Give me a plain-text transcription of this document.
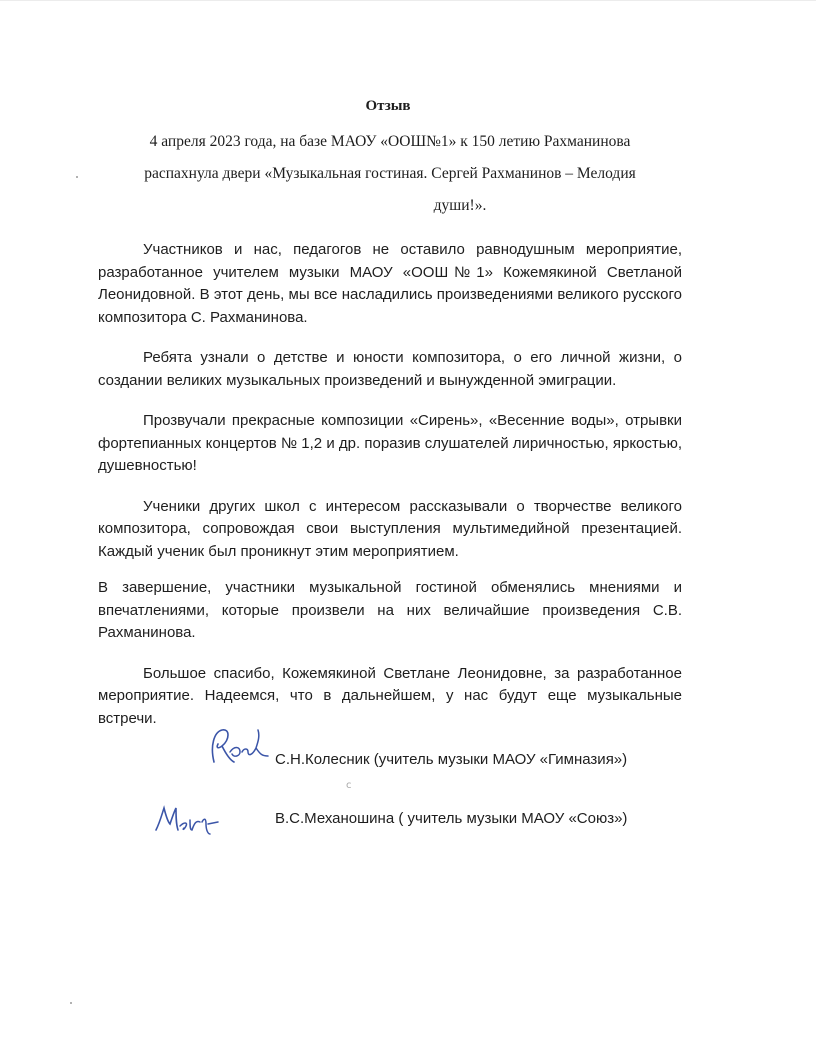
Отзыв
4 апреля 2023 года, на базе МАОУ «ООШ№1» к 150 летию Рахманинова
распахнула двери «Музыкальная гостиная. Сергей Рахманинов – Мелодия
души!».

Участников и нас, педагогов не оставило равнодушным мероприятие, разработанное учителем музыки МАОУ «ООШ№1» Кожемякиной Светланой Леонидовной. В этот день, мы все насладились произведениями великого русского композитора С. Рахманинова.

Ребята узнали о детстве и юности композитора, о его личной жизни, о создании великих музыкальных произведений и вынужденной эмиграции.

Прозвучали прекрасные композиции «Сирень», «Весенние воды», отрывки фортепианных концертов № 1,2 и др. поразив слушателей лиричностью, яркостью, душевностью!

Ученики других школ с интересом рассказывали о творчестве великого композитора, сопровождая свои выступления мультимедийной презентацией. Каждый ученик был проникнут этим мероприятием.

В завершение, участники музыкальной гостиной обменялись мнениями и впечатлениями, которые произвели на них величайшие произведения С.В. Рахманинова.

Большое спасибо, Кожемякиной Светлане Леонидовне, за разработанное мероприятие. Надеемся, что в дальнейшем, у нас будут еще музыкальные встречи.

С.Н.Колесник (учитель музыки МАОУ «Гимназия»)
c
В.С.Механошина ( учитель музыки МАОУ «Союз»)
